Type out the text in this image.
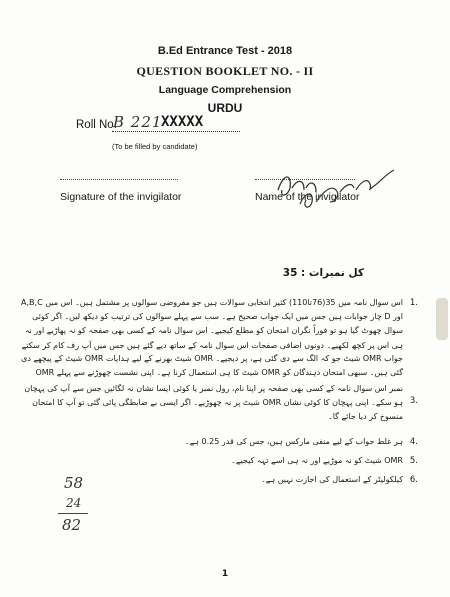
B.Ed Entrance Test - 2018
QUESTION BOOKLET NO. - II
Language Comprehension
URDU
Roll No.
B 221
XXXXX
(To be filled by candidate)
Signature of the invigilator	Name of the invigilator
کل نمبرات : 35
1.
اس سوال نامہ میں 35(76تا110) کثیر انتخابی سوالات ہیں جو مفروضی سوالوں پر مشتمل ہیں۔ اس میں A,B,C اور D چار جوابات ہیں جس میں ایک جواب صحیح ہے۔ سب سے پہلے سوالوں کی ترتیب کو دیکھ لیں۔ اگر کوئی سوال چھوٹ گیا ہو تو فوراً نگران امتحان کو مطلع کیجیے۔ اس سوال نامہ کے کسی بھی صفحہ کو نہ پھاڑیے اور نہ ہی اس پر کچھ لکھیے۔ دونوں اضافی صفحات اس سوال نامہ کے ساتھ دیے گئے ہیں جس میں آپ رف کام کر سکتے
جواب OMR شیٹ جو کہ الگ سے دی گئی ہے، پر دیجیے۔ OMR شیٹ بھرنے کے لیے ہدایات OMR شیٹ کے پیچھے دی گئی ہیں۔ سبھی امتحان دہندگان کو OMR شیٹ کا ہی استعمال کرنا ہے۔ اپنی نشست چھوڑنے سے پہلے OMR
3.
نمبر اس سوال نامہ کے کسی بھی صفحہ پر اپنا نام، رول نمبر یا کوئی ایسا نشان نہ لگائیں جس سے آپ کی پہچان ہو سکے۔ اپنی پہچان کا کوئی نشان OMR شیٹ پر نہ چھوڑیے۔ اگر ایسی بے ضابطگی پائی گئی تو آپ کا امتحان منسوخ کر دیا جائے گا۔
4.
ہر غلط جواب کے لیے منفی مارکس ہیں، جس کی قدر 0.25 ہے۔
5.
OMR شیٹ کو نہ موڑیے اور نہ ہی اسے تہہ کیجیے۔
6.
کیلکولیٹر کے استعمال کی اجازت نہیں ہے۔
58
24
82
1
